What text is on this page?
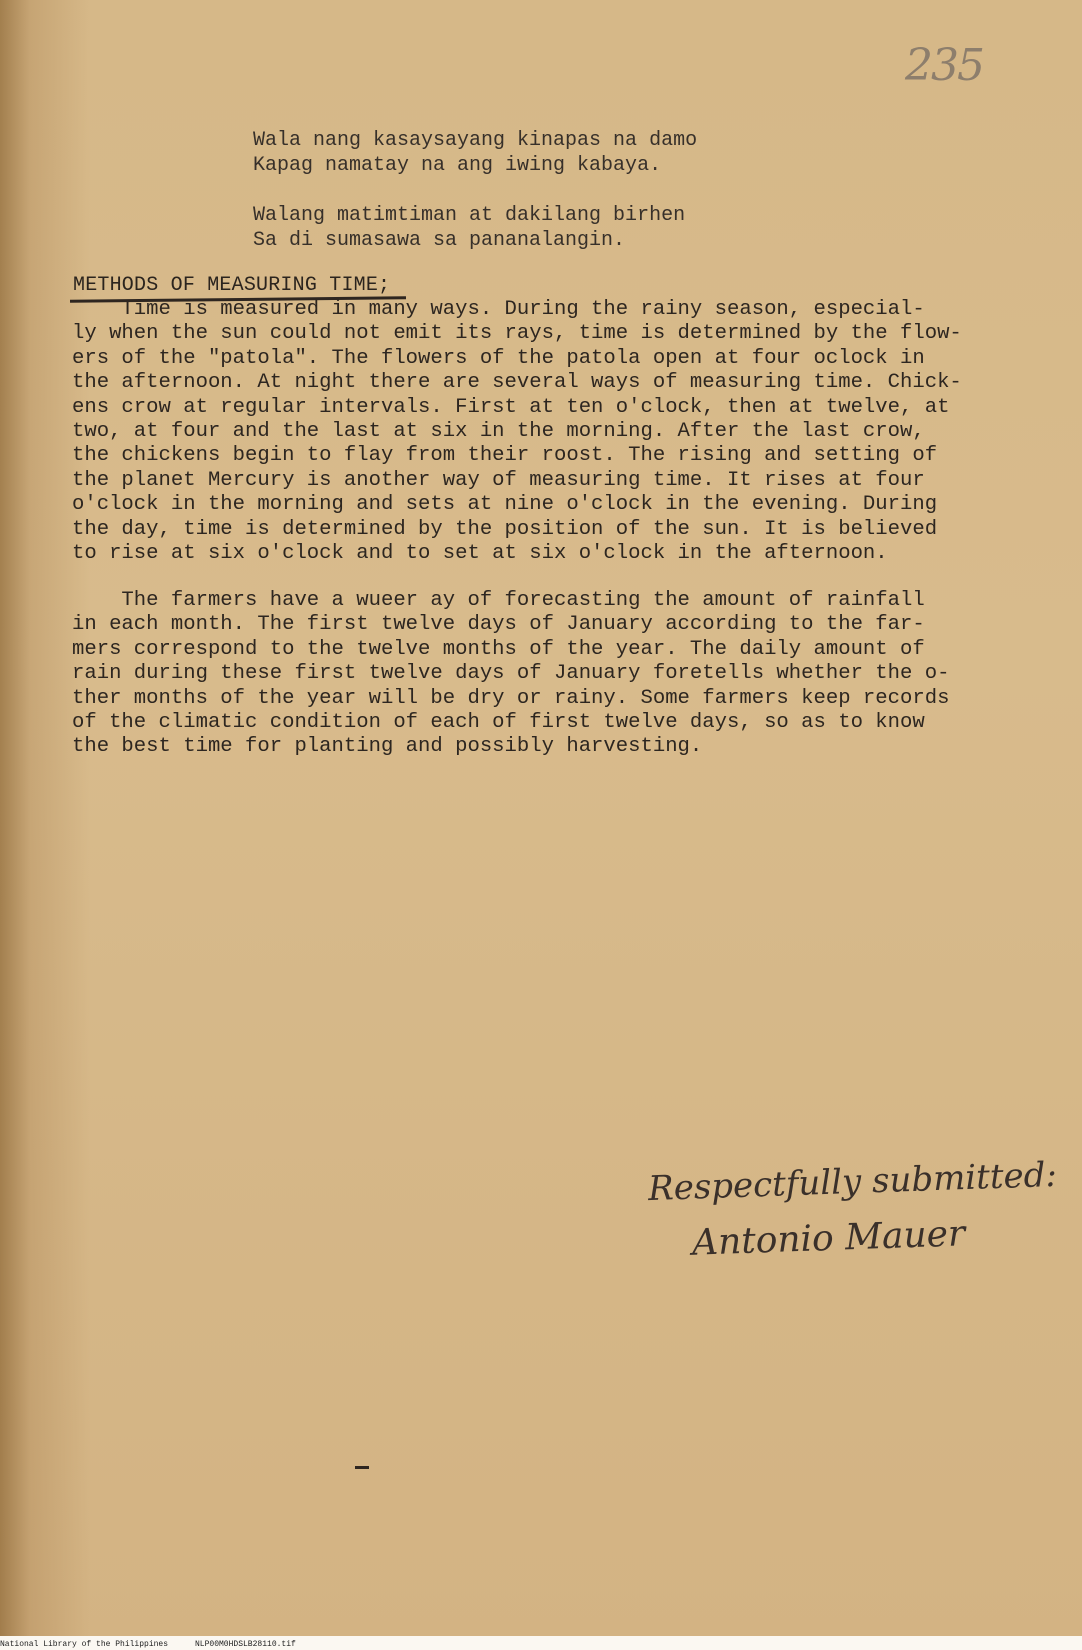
235

Wala nang kasaysayang kinapas na damo

Kapag namatay na ang iwing kabaya.

Walang matimtiman at dakilang birhen

Sa di sumasawa sa pananalangin.

METHODS OF MEASURING TIME;

Time is measured in many ways. During the rainy season, especial-

ly when the sun could not emit its rays, time is determined by the flow-

ers of the "patola". The flowers of the patola open at four oclock in

the afternoon. At night there are several ways of measuring time. Chick-

ens crow at regular intervals. First at ten o'clock, then at twelve, at

two, at four and the last at six in the morning. After the last crow,

the chickens begin to flay from their roost. The rising and setting of

the planet Mercury is another way of measuring time. It rises at four

o'clock in the morning and sets at nine o'clock in the evening. During

the day, time is determined by the position of the sun. It is believed

to rise at six o'clock and to set at six o'clock in the afternoon.

The farmers have a wueer ay of forecasting the amount of rainfall

in each month. The first twelve days of January according to the far-

mers correspond to the twelve months of the year. The daily amount of

rain during these first twelve days of January foretells whether the o-

ther months of the year will be dry or rainy. Some farmers keep records

of the climatic condition of each of first twelve days, so as to know

the best time for planting and possibly harvesting.

Respectfully submitted:
Antonio Mauer
National Library of the Philippines	NLP00M0HDSLB28110.tif
